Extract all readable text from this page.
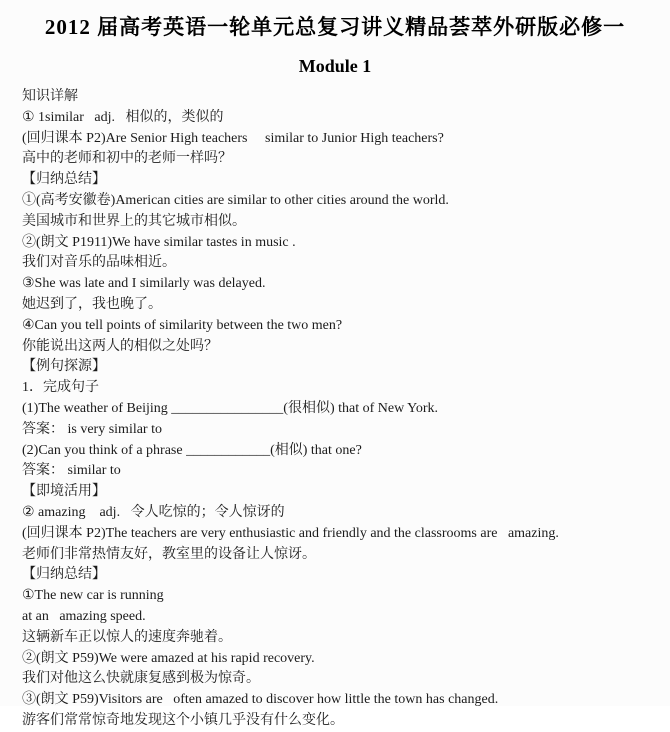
2012 届高考英语一轮单元总复习讲义精品荟萃外研版必修一
Module 1
知识详解
① 1similar   adj.   相似的，类似的
(回归课本 P2)Are Senior High teachers     similar to Junior High teachers?
高中的老师和初中的老师一样吗？
【归纳总结】
①(高考安徽卷)American cities are similar to other cities around the world.
美国城市和世界上的其它城市相似。
②(朗文 P1911)We have similar tastes in music .
我们对音乐的品味相近。
③She was late and I similarly was delayed.
她迟到了，我也晚了。
④Can you tell points of similarity between the two men?
你能说出这两人的相似之处吗？
【例句探源】
1．完成句子
(1)The weather of Beijing ________________(很相似) that of New York.
答案： is very similar to
(2)Can you think of a phrase ____________(相似) that one?
答案： similar to
【即境活用】
② amazing    adj.   令人吃惊的；令人惊讶的
(回归课本 P2)The teachers are very enthusiastic and friendly and the classrooms are   amazing.
老师们非常热情友好，教室里的设备让人惊讶。
【归纳总结】
①The new car is running
at an   amazing speed.
这辆新车正以惊人的速度奔驰着。
②(朗文 P59)We were amazed at his rapid recovery.
我们对他这么快就康复感到极为惊奇。
③(朗文 P59)Visitors are   often amazed to discover how little the town has changed.
游客们常常惊奇地发现这个小镇几乎没有什么变化。
